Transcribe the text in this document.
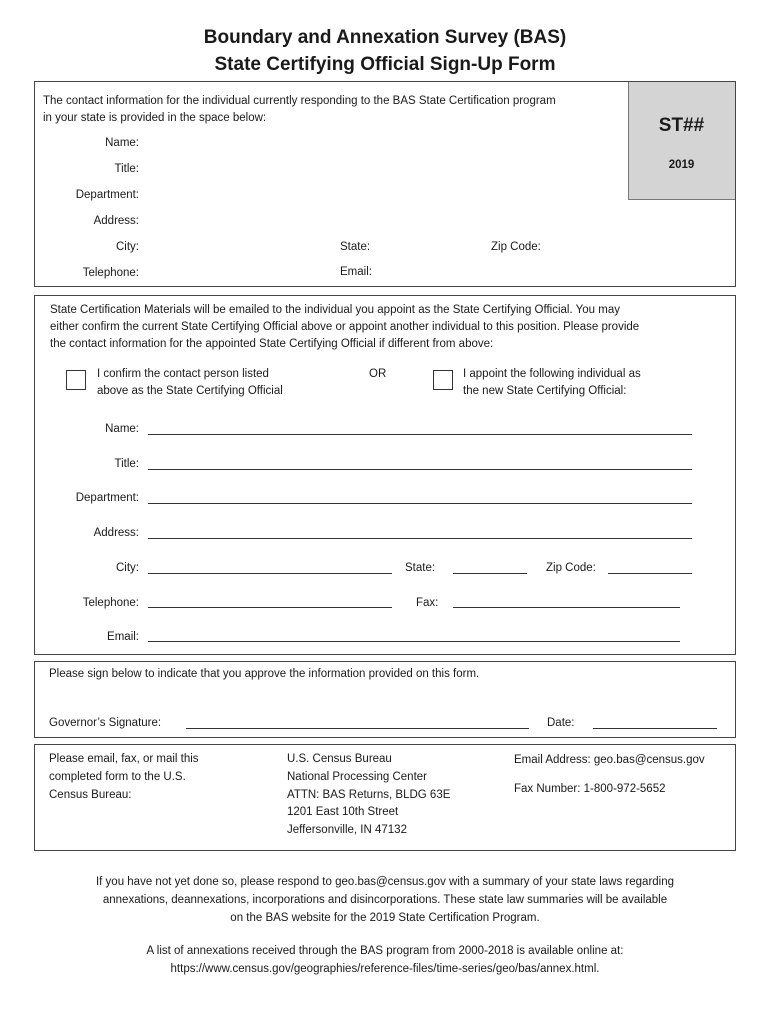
Boundary and Annexation Survey (BAS)
State Certifying Official Sign-Up Form
ST##
2019
The contact information for the individual currently responding to the BAS State Certification program
in your state is provided in the space below:
Name:
Title:
Department:
Address:
City:	State:	Zip Code:
Telephone:	Email:
State Certification Materials will be emailed to the individual you appoint as the State Certifying Official. You may
either confirm the current State Certifying Official above or appoint another individual to this position. Please provide
the contact information for the appointed State Certifying Official if different from above:
I confirm the contact person listed
above as the State Certifying Official
OR	I appoint the following individual as
the new State Certifying Official:
Name:
Title:
Department:
Address:
City:	State:	Zip Code:
Telephone:	Fax:
Email:
Please sign below to indicate that you approve the information provided on this form.
Governor’s Signature:	Date:
Please email, fax, or mail this
completed form to the U.S.
Census Bureau:
U.S. Census Bureau
National Processing Center
ATTN: BAS Returns, BLDG 63E
1201 East 10th Street
Jeffersonville, IN 47132
Email Address: geo.bas@census.gov
Fax Number: 1-800-972-5652
If you have not yet done so, please respond to geo.bas@census.gov with a summary of your state laws regarding
annexations, deannexations, incorporations and disincorporations. These state law summaries will be available
on the BAS website for the 2019 State Certification Program.
A list of annexations received through the BAS program from 2000-2018 is available online at:
https://www.census.gov/geographies/reference-files/time-series/geo/bas/annex.html.
